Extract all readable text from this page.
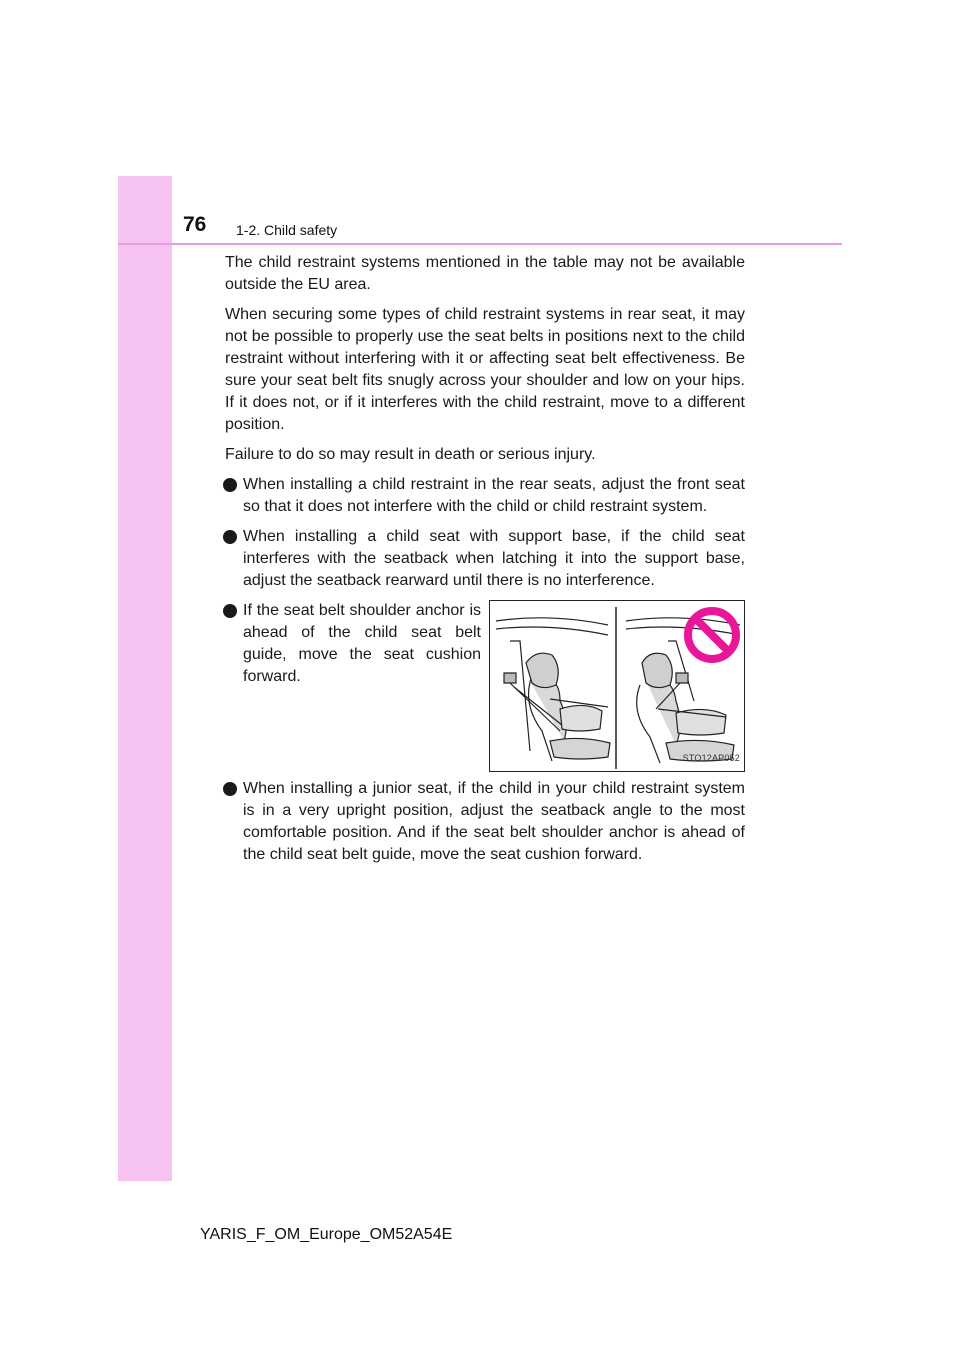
76 1-2. Child safety

The child restraint systems mentioned in the table may not be available outside the EU area.

When securing some types of child restraint systems in rear seat, it may not be possible to properly use the seat belts in positions next to the child restraint without interfering with it or affecting seat belt effectiveness. Be sure your seat belt fits snugly across your shoulder and low on your hips. If it does not, or if it interferes with the child restraint, move to a different position.

Failure to do so may result in death or serious injury.

When installing a child restraint in the rear seats, adjust the front seat so that it does not interfere with the child or child restraint system.
When installing a child seat with support base, if the child seat interferes with the seatback when latching it into the support base, adjust the seatback rearward until there is no interference.
If the seat belt shoulder anchor is ahead of the child seat belt guide, move the seat cushion forward.
STO12AP052
When installing a junior seat, if the child in your child restraint system is in a very upright position, adjust the seatback angle to the most comfortable position. And if the seat belt shoulder anchor is ahead of the child seat belt guide, move the seat cushion forward.
YARIS_F_OM_Europe_OM52A54E
